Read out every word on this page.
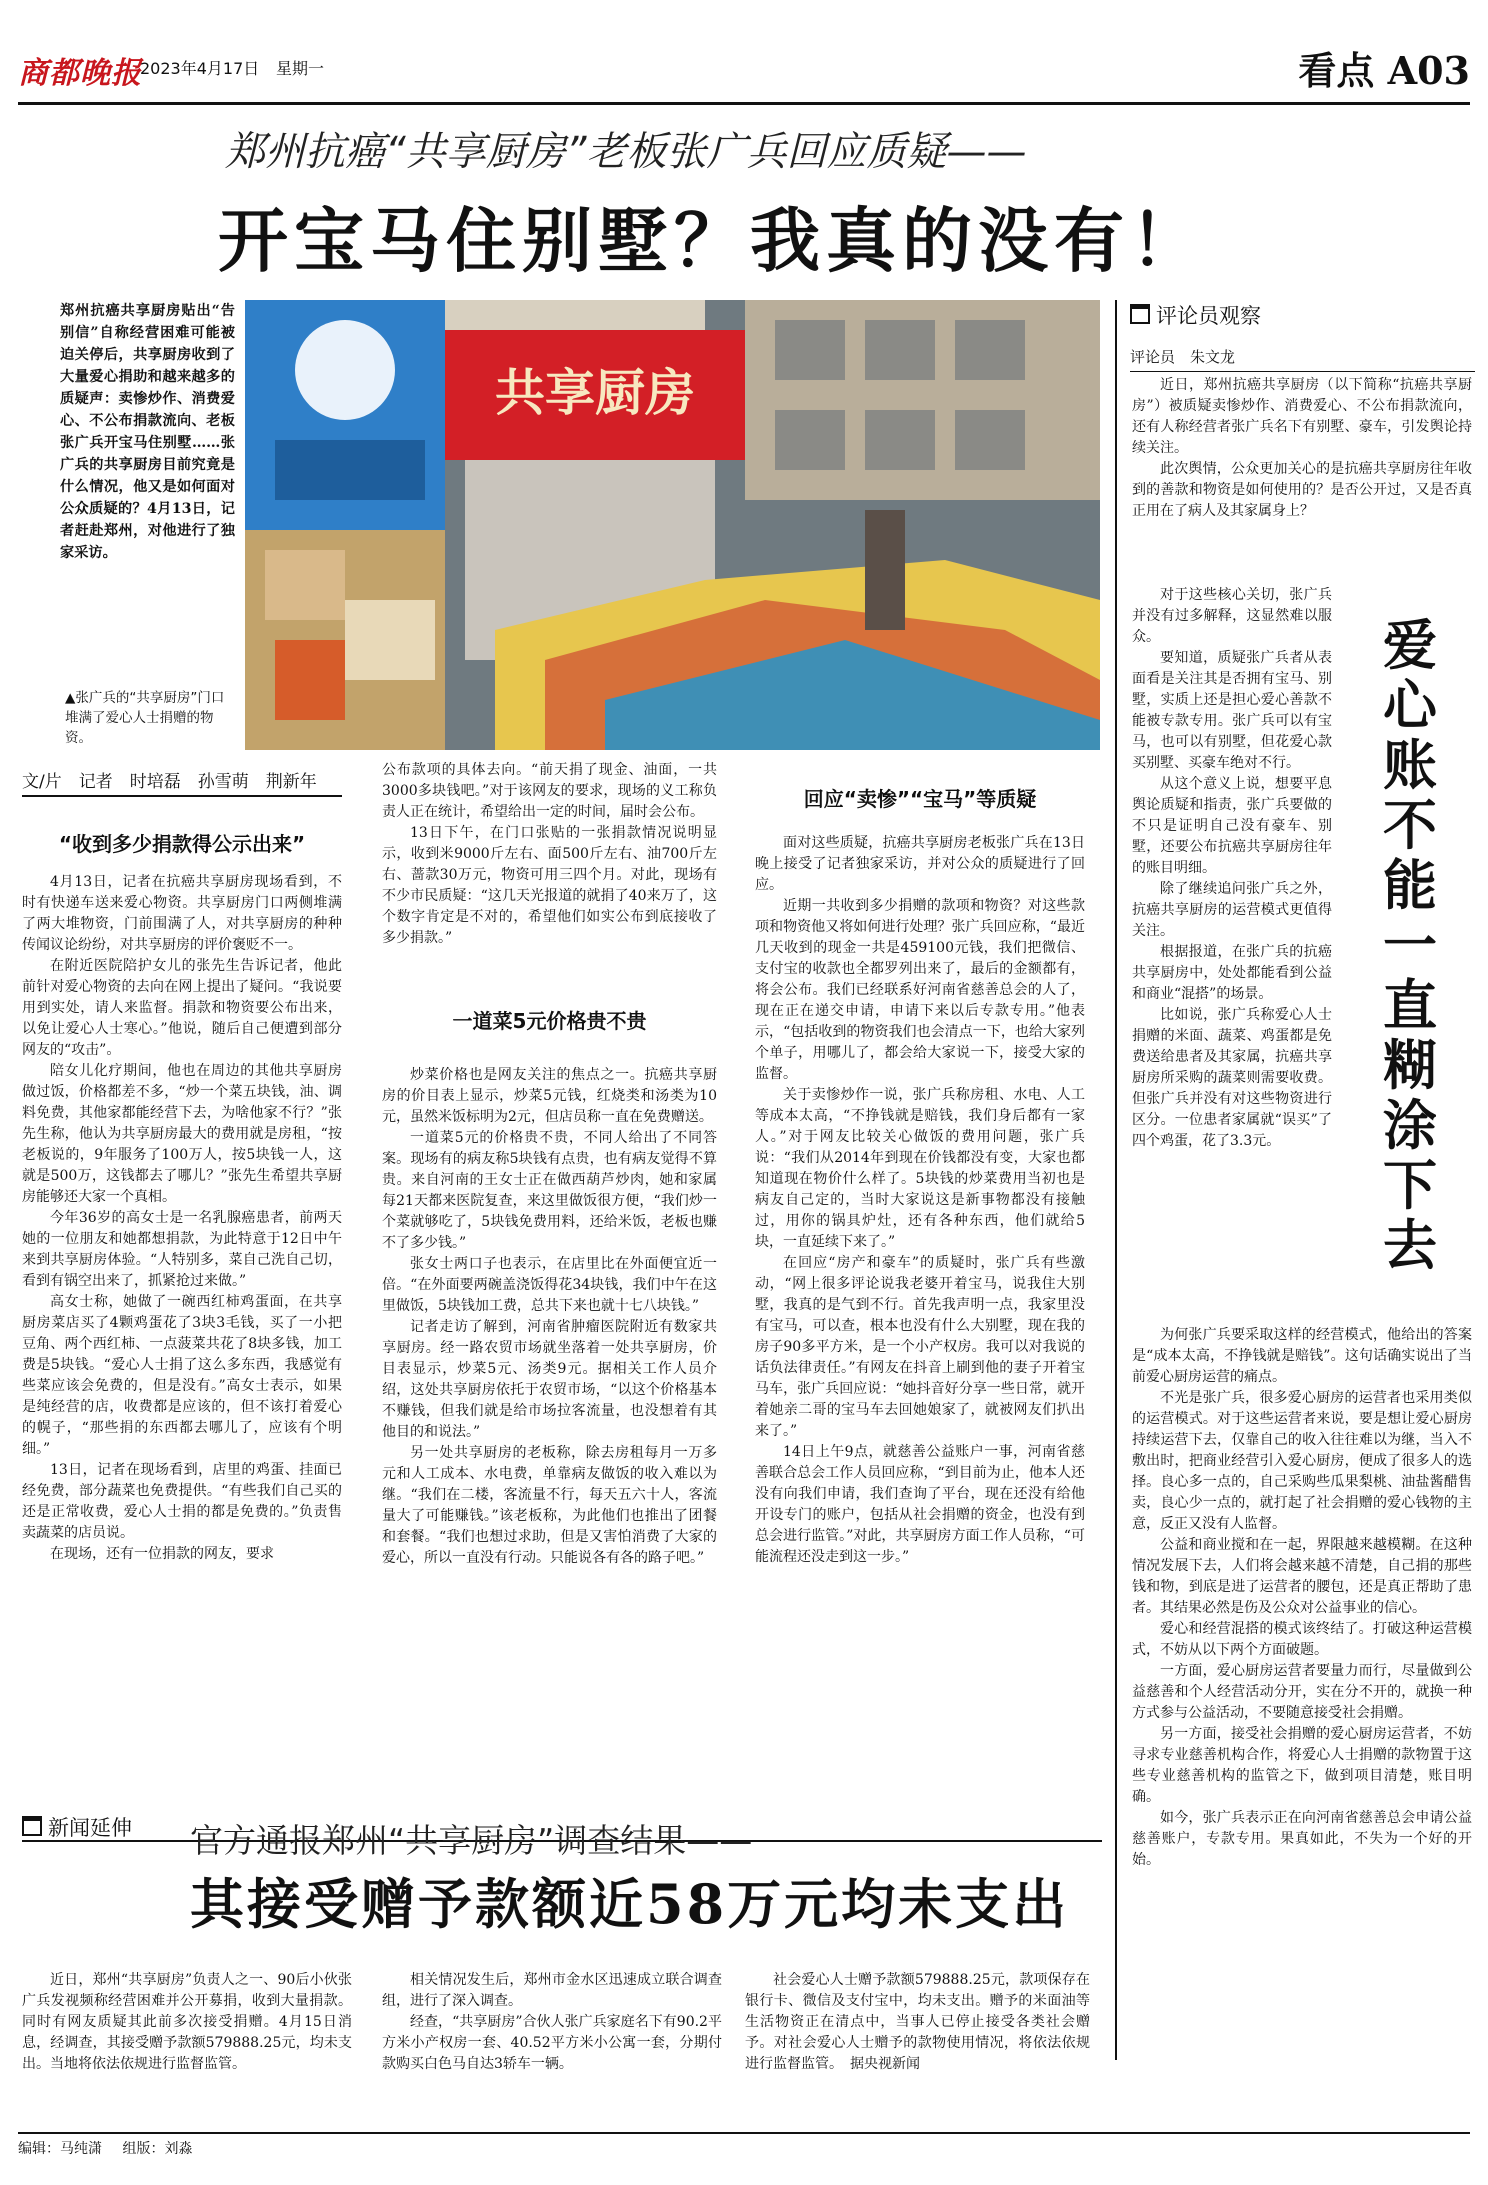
商都晚报
2023年4月17日 星期一	看点 A03
郑州抗癌“共享厨房”老板张广兵回应质疑——
开宝马住别墅？我真的没有！
郑州抗癌共享厨房贴出“告别信”自称经营困难可能被迫关停后，共享厨房收到了大量爱心捐助和越来越多的质疑声：卖惨炒作、消费爱心、不公布捐款流向、老板张广兵开宝马住别墅……张广兵的共享厨房目前究竟是什么情况，他又是如何面对公众质疑的？4月13日，记者赶赴郑州，对他进行了独家采访。
▲张广兵的“共享厨房”门口堆满了爱心人士捐赠的物资。
共享厨房
文/片　记者　时培磊　孙雪萌　荆新年
“收到多少捐款得公示出来”

4月13日，记者在抗癌共享厨房现场看到，不时有快递车送来爱心物资。共享厨房门口两侧堆满了两大堆物资，门前围满了人，对共享厨房的种种传闻议论纷纷，对共享厨房的评价褒贬不一。

在附近医院陪护女儿的张先生告诉记者，他此前针对爱心物资的去向在网上提出了疑问。“我说要用到实处，请人来监督。捐款和物资要公布出来，以免让爱心人士寒心。”他说，随后自己便遭到部分网友的“攻击”。

陪女儿化疗期间，他也在周边的其他共享厨房做过饭，价格都差不多，“炒一个菜五块钱，油、调料免费，其他家都能经营下去，为啥他家不行？”张先生称，他认为共享厨房最大的费用就是房租，“按老板说的，9年服务了100万人，按5块钱一人，这就是500万，这钱都去了哪儿？”张先生希望共享厨房能够还大家一个真相。

今年36岁的高女士是一名乳腺癌患者，前两天她的一位朋友和她都想捐款，为此特意于12日中午来到共享厨房体验。“人特别多，菜自己洗自己切，看到有锅空出来了，抓紧抢过来做。”

高女士称，她做了一碗西红柿鸡蛋面，在共享厨房菜店买了4颗鸡蛋花了3块3毛钱，买了一小把豆角、两个西红柿、一点菠菜共花了8块多钱，加工费是5块钱。“爱心人士捐了这么多东西，我感觉有些菜应该会免费的，但是没有。”高女士表示，如果是纯经营的店，收费都是应该的，但不该打着爱心的幌子，“那些捐的东西都去哪儿了，应该有个明细。”

13日，记者在现场看到，店里的鸡蛋、挂面已经免费，部分蔬菜也免费提供。“有些我们自己买的还是正常收费，爱心人士捐的都是免费的。”负责售卖蔬菜的店员说。

在现场，还有一位捐款的网友，要求

公布款项的具体去向。“前天捐了现金、油面，一共3000多块钱吧。”对于该网友的要求，现场的义工称负责人正在统计，希望给出一定的时间，届时会公布。

13日下午，在门口张贴的一张捐款情况说明显示，收到米9000斤左右、面500斤左右、油700斤左右、蔷款30万元，物资可用三四个月。对此，现场有不少市民质疑：“这几天光报道的就捐了40来万了，这个数字肯定是不对的，希望他们如实公布到底接收了多少捐款。”

一道菜5元价格贵不贵

炒菜价格也是网友关注的焦点之一。抗癌共享厨房的价目表上显示，炒菜5元钱，红烧类和汤类为10元，虽然米饭标明为2元，但店员称一直在免费赠送。

一道菜5元的价格贵不贵，不同人给出了不同答案。现场有的病友称5块钱有点贵，也有病友觉得不算贵。来自河南的王女士正在做西葫芦炒肉，她和家属每21天都来医院复查，来这里做饭很方便，“我们炒一个菜就够吃了，5块钱免费用料，还给米饭，老板也赚不了多少钱。”

张女士两口子也表示，在店里比在外面便宜近一倍。“在外面要两碗盖浇饭得花34块钱，我们中午在这里做饭，5块钱加工费，总共下来也就十七八块钱。”

记者走访了解到，河南省肿瘤医院附近有数家共享厨房。经一路农贸市场就坐落着一处共享厨房，价目表显示，炒菜5元、汤类9元。据相关工作人员介绍，这处共享厨房依托于农贸市场，“以这个价格基本不赚钱，但我们就是给市场拉客流量，也没想着有其他目的和说法。”

另一处共享厨房的老板称，除去房租每月一万多元和人工成本、水电费，单靠病友做饭的收入难以为继。“我们在二楼，客流量不行，每天五六十人，客流量大了可能赚钱。”该老板称，为此他们也推出了团餐和套餐。“我们也想过求助，但是又害怕消费了大家的爱心，所以一直没有行动。只能说各有各的路子吧。”

回应“卖惨”“宝马”等质疑

面对这些质疑，抗癌共享厨房老板张广兵在13日晚上接受了记者独家采访，并对公众的质疑进行了回应。

近期一共收到多少捐赠的款项和物资？对这些款项和物资他又将如何进行处理？张广兵回应称，“最近几天收到的现金一共是459100元钱，我们把微信、支付宝的收款也全都罗列出来了，最后的金额都有，将会公布。我们已经联系好河南省慈善总会的人了，现在正在递交申请，申请下来以后专款专用。”他表示，“包括收到的物资我们也会清点一下，也给大家列个单子，用哪儿了，都会给大家说一下，接受大家的监督。

关于卖惨炒作一说，张广兵称房租、水电、人工等成本太高，“不挣钱就是赔钱，我们身后都有一家人。”对于网友比较关心做饭的费用问题，张广兵说：“我们从2014年到现在价钱都没有变，大家也都知道现在物价什么样了。5块钱的炒菜费用当初也是病友自己定的，当时大家说这是新事物都没有接触过，用你的锅具炉灶，还有各种东西，他们就给5块，一直延续下来了。”

在回应“房产和豪车”的质疑时，张广兵有些激动，“网上很多评论说我老婆开着宝马，说我住大别墅，我真的是气到不行。首先我声明一点，我家里没有宝马，可以查，根本也没有什么大别墅，现在我的房子90多平方米，是一个小产权房。我可以对我说的话负法律责任。”有网友在抖音上刷到他的妻子开着宝马车，张广兵回应说：“她抖音好分享一些日常，就开着她亲二哥的宝马车去回她娘家了，就被网友们扒出来了。”

14日上午9点，就慈善公益账户一事，河南省慈善联合总会工作人员回应称，“到目前为止，他本人还没有向我们申请，我们查询了平台，现在还没有给他开设专门的账户，包括从社会捐赠的资金，也没有到总会进行监管。”对此，共享厨房方面工作人员称，“可能流程还没走到这一步。”

评论员观察
评论员　朱文龙

近日，郑州抗癌共享厨房（以下简称“抗癌共享厨房”）被质疑卖惨炒作、消费爱心、不公布捐款流向，还有人称经营者张广兵名下有别墅、豪车，引发舆论持续关注。

此次舆情，公众更加关心的是抗癌共享厨房往年收到的善款和物资是如何使用的？是否公开过，又是否真正用在了病人及其家属身上？

爱心账不能一直糊涂下去

对于这些核心关切，张广兵并没有过多解释，这显然难以服众。

要知道，质疑张广兵者从表面看是关注其是否拥有宝马、别墅，实质上还是担心爱心善款不能被专款专用。张广兵可以有宝马，也可以有别墅，但花爱心款买别墅、买豪车绝对不行。

从这个意义上说，想要平息舆论质疑和指责，张广兵要做的不只是证明自己没有豪车、别墅，还要公布抗癌共享厨房往年的账目明细。

除了继续追问张广兵之外，抗癌共享厨房的运营模式更值得关注。

根据报道，在张广兵的抗癌共享厨房中，处处都能看到公益和商业“混搭”的场景。

比如说，张广兵称爱心人士捐赠的米面、蔬菜、鸡蛋都是免费送给患者及其家属，抗癌共享厨房所采购的蔬菜则需要收费。但张广兵并没有对这些物资进行区分。一位患者家属就“误买”了四个鸡蛋，花了3.3元。

为何张广兵要采取这样的经营模式，他给出的答案是“成本太高，不挣钱就是赔钱”。这句话确实说出了当前爱心厨房运营的痛点。

不光是张广兵，很多爱心厨房的运营者也采用类似的运营模式。对于这些运营者来说，要是想让爱心厨房持续运营下去，仅靠自己的收入往往难以为继，当入不敷出时，把商业经营引入爱心厨房，便成了很多人的选择。良心多一点的，自己采购些瓜果梨桃、油盐酱醋售卖，良心少一点的，就打起了社会捐赠的爱心钱物的主意，反正又没有人监督。

公益和商业搅和在一起，界限越来越模糊。在这种情况发展下去，人们将会越来越不清楚，自己捐的那些钱和物，到底是进了运营者的腰包，还是真正帮助了患者。其结果必然是伤及公众对公益事业的信心。

爱心和经营混搭的模式该终结了。打破这种运营模式，不妨从以下两个方面破题。

一方面，爱心厨房运营者要量力而行，尽量做到公益慈善和个人经营活动分开，实在分不开的，就换一种方式参与公益活动，不要随意接受社会捐赠。

另一方面，接受社会捐赠的爱心厨房运营者，不妨寻求专业慈善机构合作，将爱心人士捐赠的款物置于这些专业慈善机构的监管之下，做到项目清楚，账目明确。

如今，张广兵表示正在向河南省慈善总会申请公益慈善账户，专款专用。果真如此，不失为一个好的开始。

新闻延伸 官方通报郑州“共享厨房”调查结果——
其接受赠予款额近58万元均未支出

近日，郑州“共享厨房”负责人之一、90后小伙张广兵发视频称经营困难并公开募捐，收到大量捐款。同时有网友质疑其此前多次接受捐赠。4月15日消息，经调查，其接受赠予款额579888.25元，均未支出。当地将依法依规进行监督监管。

相关情况发生后，郑州市金水区迅速成立联合调查组，进行了深入调查。

经查，“共享厨房”合伙人张广兵家庭名下有90.2平方米小产权房一套、40.52平方米小公寓一套，分期付款购买白色马自达3轿车一辆。

社会爱心人士赠予款额579888.25元，款项保存在银行卡、微信及支付宝中，均未支出。赠予的米面油等生活物资正在清点中，当事人已停止接受各类社会赠予。对社会爱心人士赠予的款物使用情况，将依法依规进行监督监管。　据央视新闻

编辑：马纯潇 组版：刘淼
